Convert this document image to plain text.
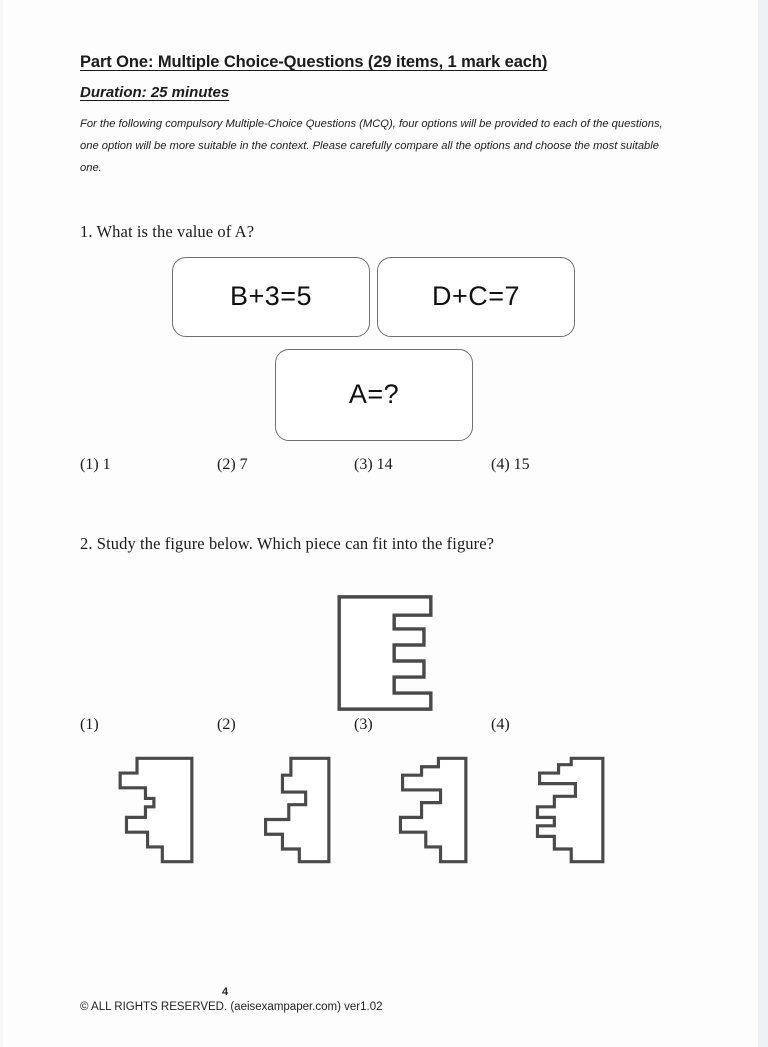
Part One: Multiple Choice-Questions (29 items, 1 mark each)
Duration: 25 minutes

For the following compulsory Multiple-Choice Questions (MCQ), four options will be provided to each of the questions, one option will be more suitable in the context. Please carefully compare all the options and choose the most suitable one.

1. What is the value of A?

B+3=5	D+C=7
A=?
(1) 1	(2) 7	(3) 14	(4) 15

2. Study the figure below. Which piece can fit into the figure?

(1)	(2)	(3)	(4)

4

© ALL RIGHTS RESERVED. (aeisexampaper.com) ver1.02
